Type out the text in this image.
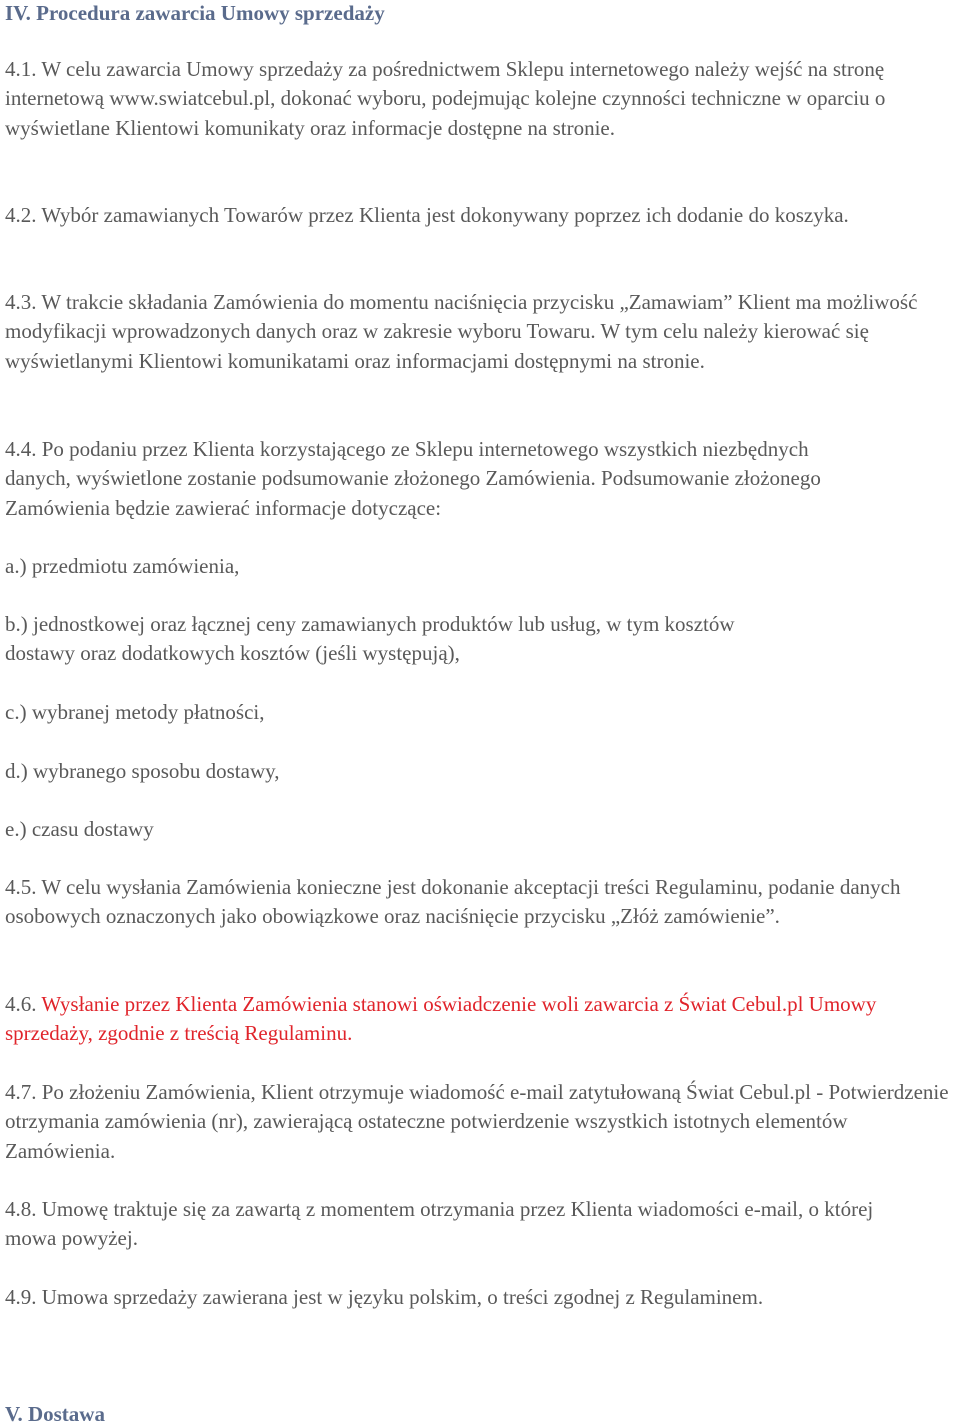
IV. Procedura zawarcia Umowy sprzedaży

4.1. W celu zawarcia Umowy sprzedaży za pośrednictwem Sklepu internetowego należy wejść na stronę internetową www.swiatcebul.pl, dokonać wyboru, podejmując kolejne czynności techniczne w oparciu o wyświetlane Klientowi komunikaty oraz informacje dostępne na stronie.

4.2. Wybór zamawianych Towarów przez Klienta jest dokonywany poprzez ich dodanie do koszyka.

4.3. W trakcie składania Zamówienia do momentu naciśnięcia przycisku „Zamawiam” Klient ma możliwość modyfikacji wprowadzonych danych oraz w zakresie wyboru Towaru. W tym celu należy kierować się wyświetlanymi Klientowi komunikatami oraz informacjami dostępnymi na stronie.

4.4. Po podaniu przez Klienta korzystającego ze Sklepu internetowego wszystkich niezbędnych danych, wyświetlone zostanie podsumowanie złożonego Zamówienia. Podsumowanie złożonego Zamówienia będzie zawierać informacje dotyczące:

a.) przedmiotu zamówienia,

b.) jednostkowej oraz łącznej ceny zamawianych produktów lub usług, w tym kosztów dostawy oraz dodatkowych kosztów (jeśli występują),

c.) wybranej metody płatności,

d.) wybranego sposobu dostawy,

e.) czasu dostawy

4.5. W celu wysłania Zamówienia konieczne jest dokonanie akceptacji treści Regulaminu, podanie danych osobowych oznaczonych jako obowiązkowe oraz naciśnięcie przycisku „Złóż zamówienie”.

4.6. Wysłanie przez Klienta Zamówienia stanowi oświadczenie woli zawarcia z Świat Cebul.pl Umowy sprzedaży, zgodnie z treścią Regulaminu.

4.7. Po złożeniu Zamówienia, Klient otrzymuje wiadomość e-mail zatytułowaną Świat Cebul.pl - Potwierdzenie otrzymania zamówienia (nr), zawierającą ostateczne potwierdzenie wszystkich istotnych elementów Zamówienia.

4.8. Umowę traktuje się za zawartą z momentem otrzymania przez Klienta wiadomości e-mail, o której mowa powyżej.

4.9. Umowa sprzedaży zawierana jest w języku polskim, o treści zgodnej z Regulaminem.

V. Dostawa
